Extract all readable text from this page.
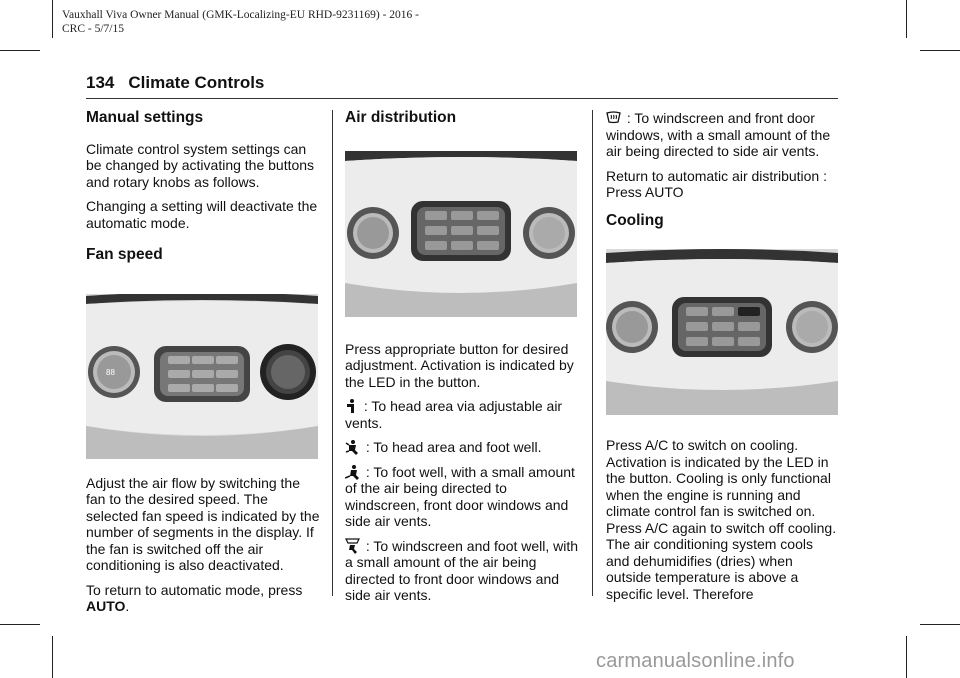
Vauxhall Viva Owner Manual (GMK-Localizing-EU RHD-9231169) - 2016 -
CRC - 5/7/15
134 Climate Controls
Manual settings

Climate control system settings can be changed by activating the buttons and rotary knobs as follows.

Changing a setting will deactivate the automatic mode.

Fan speed
88

Adjust the air flow by switching the fan to the desired speed. The selected fan speed is indicated by the number of segments in the display. If the fan is switched off the air conditioning is also deactivated.

To return to automatic mode, press AUTO.

Air distribution

Press appropriate button for desired adjustment. Activation is indicated by the LED in the button.

: To head area via adjustable air vents.

: To head area and foot well.

: To foot well, with a small amount of the air being directed to windscreen, front door windows and side air vents.

: To windscreen and foot well, with a small amount of the air being directed to front door windows and side air vents.

: To windscreen and front door windows, with a small amount of the air being directed to side air vents.

Return to automatic air distribution : Press AUTO

Cooling

Press A/C to switch on cooling. Activation is indicated by the LED in the button. Cooling is only functional when the engine is running and climate control fan is switched on. Press A/C again to switch off cooling. The air conditioning system cools and dehumidifies (dries) when outside temperature is above a specific level. Therefore

carmanualsonline.info
